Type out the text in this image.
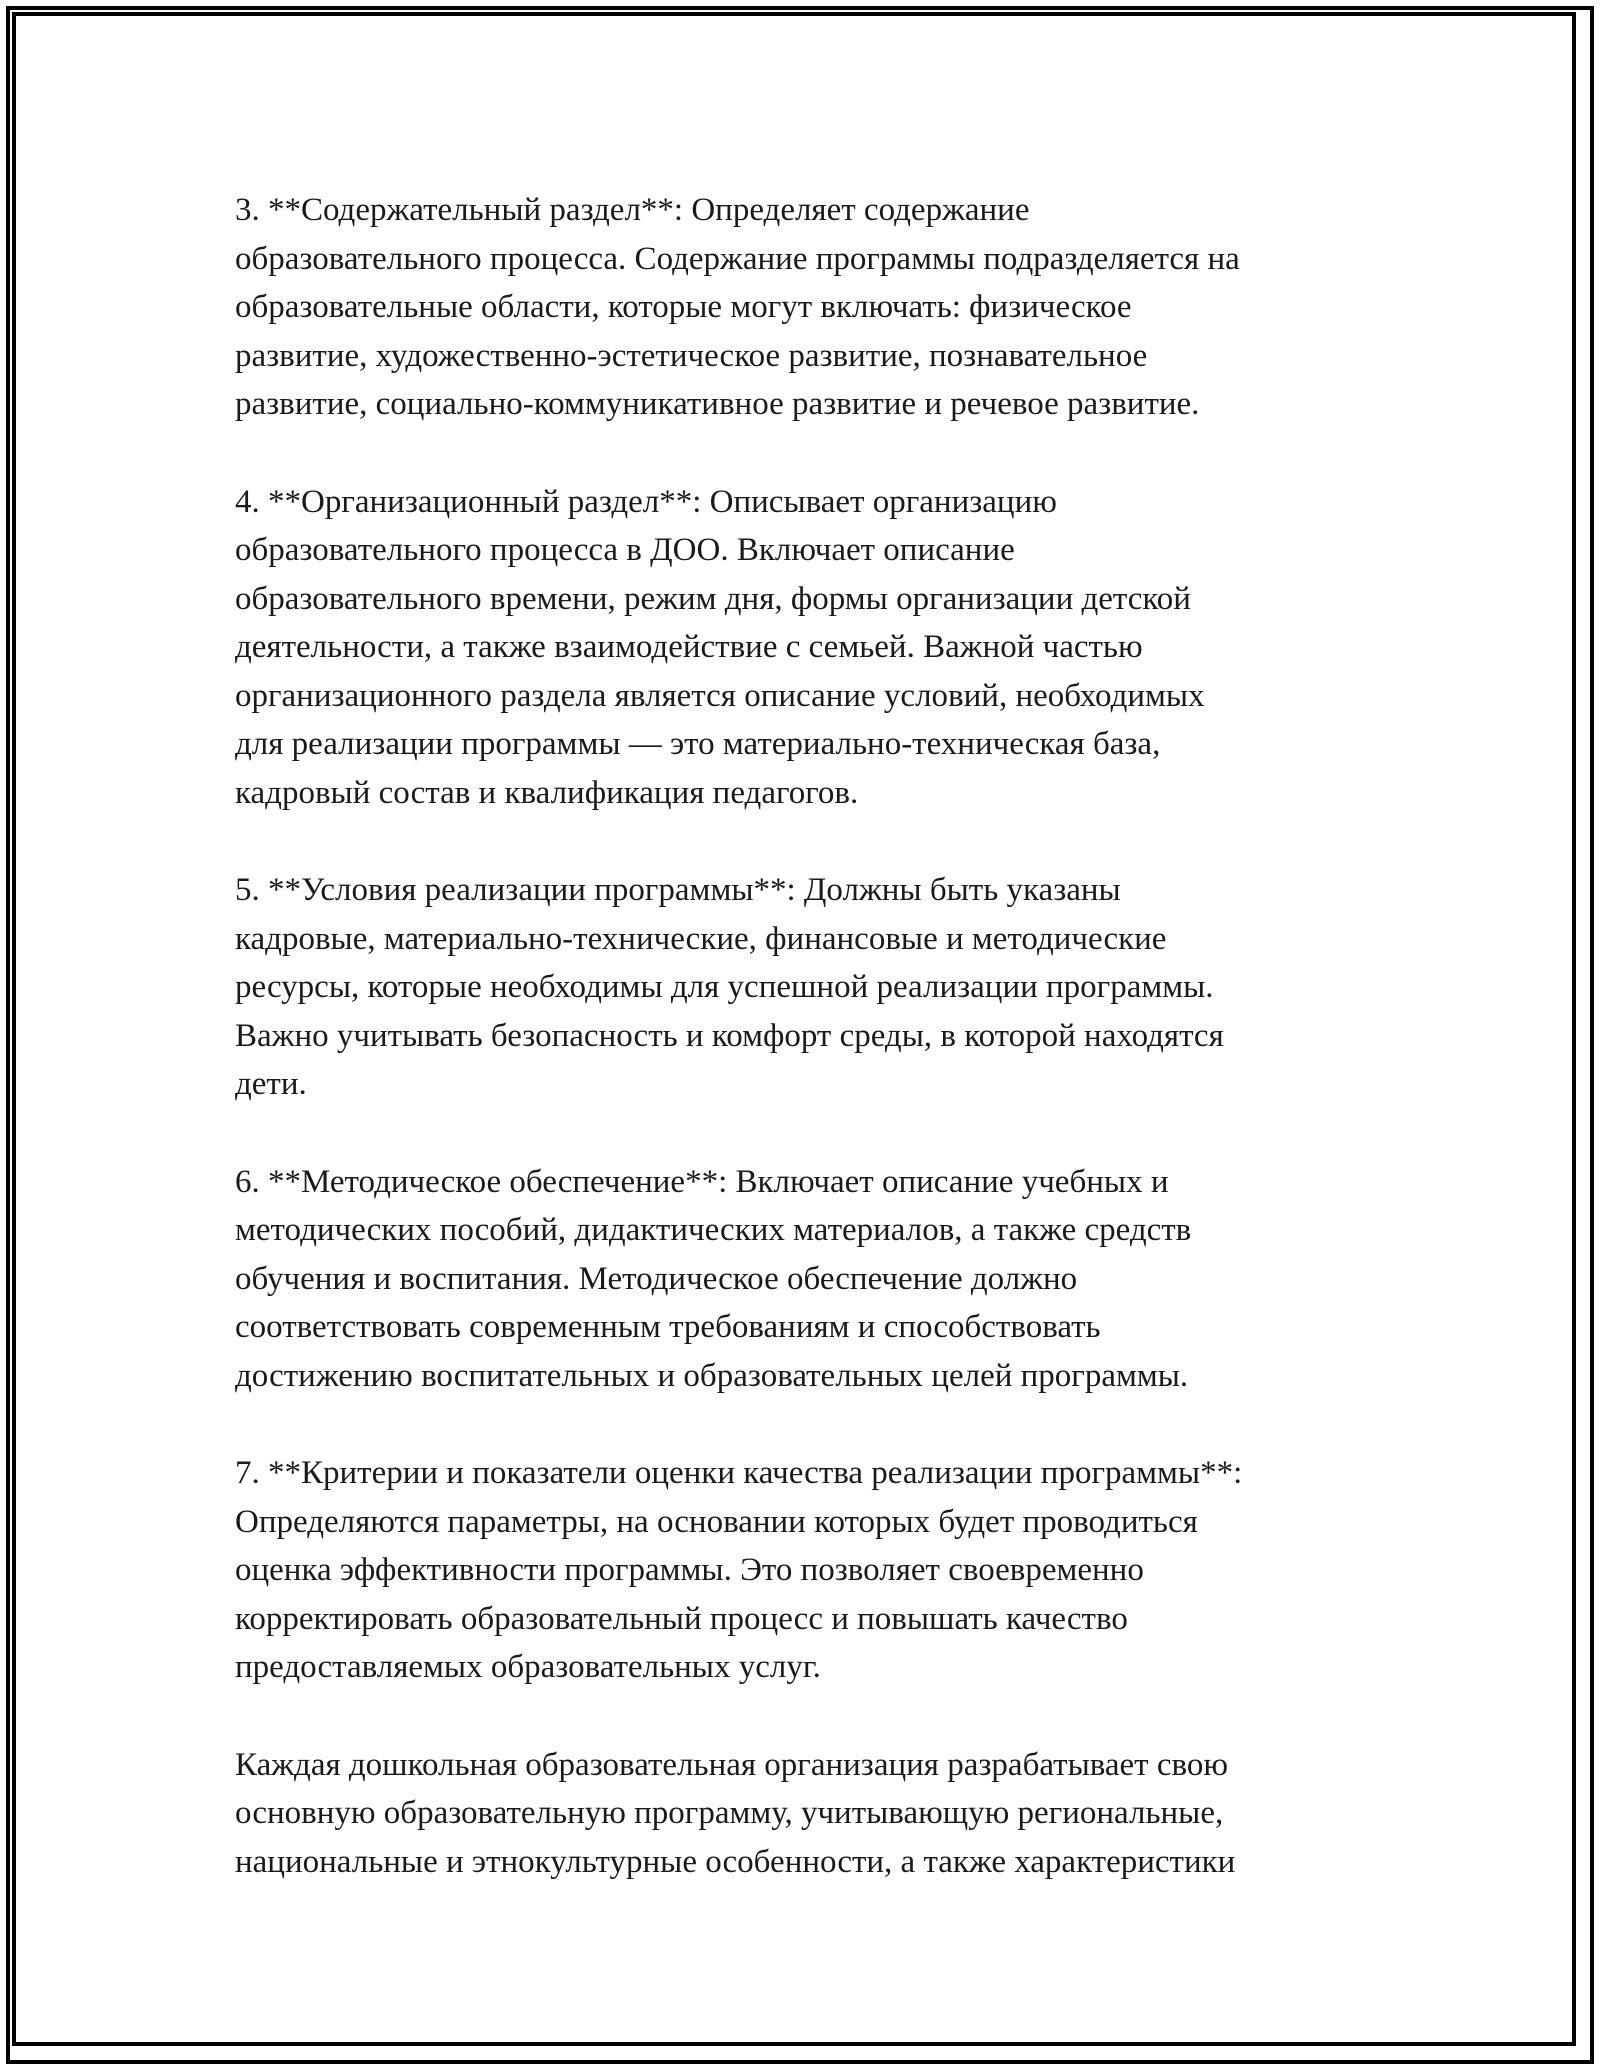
3. **Содержательный раздел**: Определяет содержание
образовательного процесса. Содержание программы подразделяется на
образовательные области, которые могут включать: физическое
развитие, художественно-эстетическое развитие, познавательное
развитие, социально-коммуникативное развитие и речевое развитие.

4. **Организационный раздел**: Описывает организацию
образовательного процесса в ДОО. Включает описание
образовательного времени, режим дня, формы организации детской
деятельности, а также взаимодействие с семьей. Важной частью
организационного раздела является описание условий, необходимых
для реализации программы — это материально-техническая база,
кадровый состав и квалификация педагогов.

5. **Условия реализации программы**: Должны быть указаны
кадровые, материально-технические, финансовые и методические
ресурсы, которые необходимы для успешной реализации программы.
Важно учитывать безопасность и комфорт среды, в которой находятся
дети.

6. **Методическое обеспечение**: Включает описание учебных и
методических пособий, дидактических материалов, а также средств
обучения и воспитания. Методическое обеспечение должно
соответствовать современным требованиям и способствовать
достижению воспитательных и образовательных целей программы.

7. **Критерии и показатели оценки качества реализации программы**:
Определяются параметры, на основании которых будет проводиться
оценка эффективности программы. Это позволяет своевременно
корректировать образовательный процесс и повышать качество
предоставляемых образовательных услуг.

Каждая дошкольная образовательная организация разрабатывает свою
основную образовательную программу, учитывающую региональные,
национальные и этнокультурные особенности, а также характеристики
